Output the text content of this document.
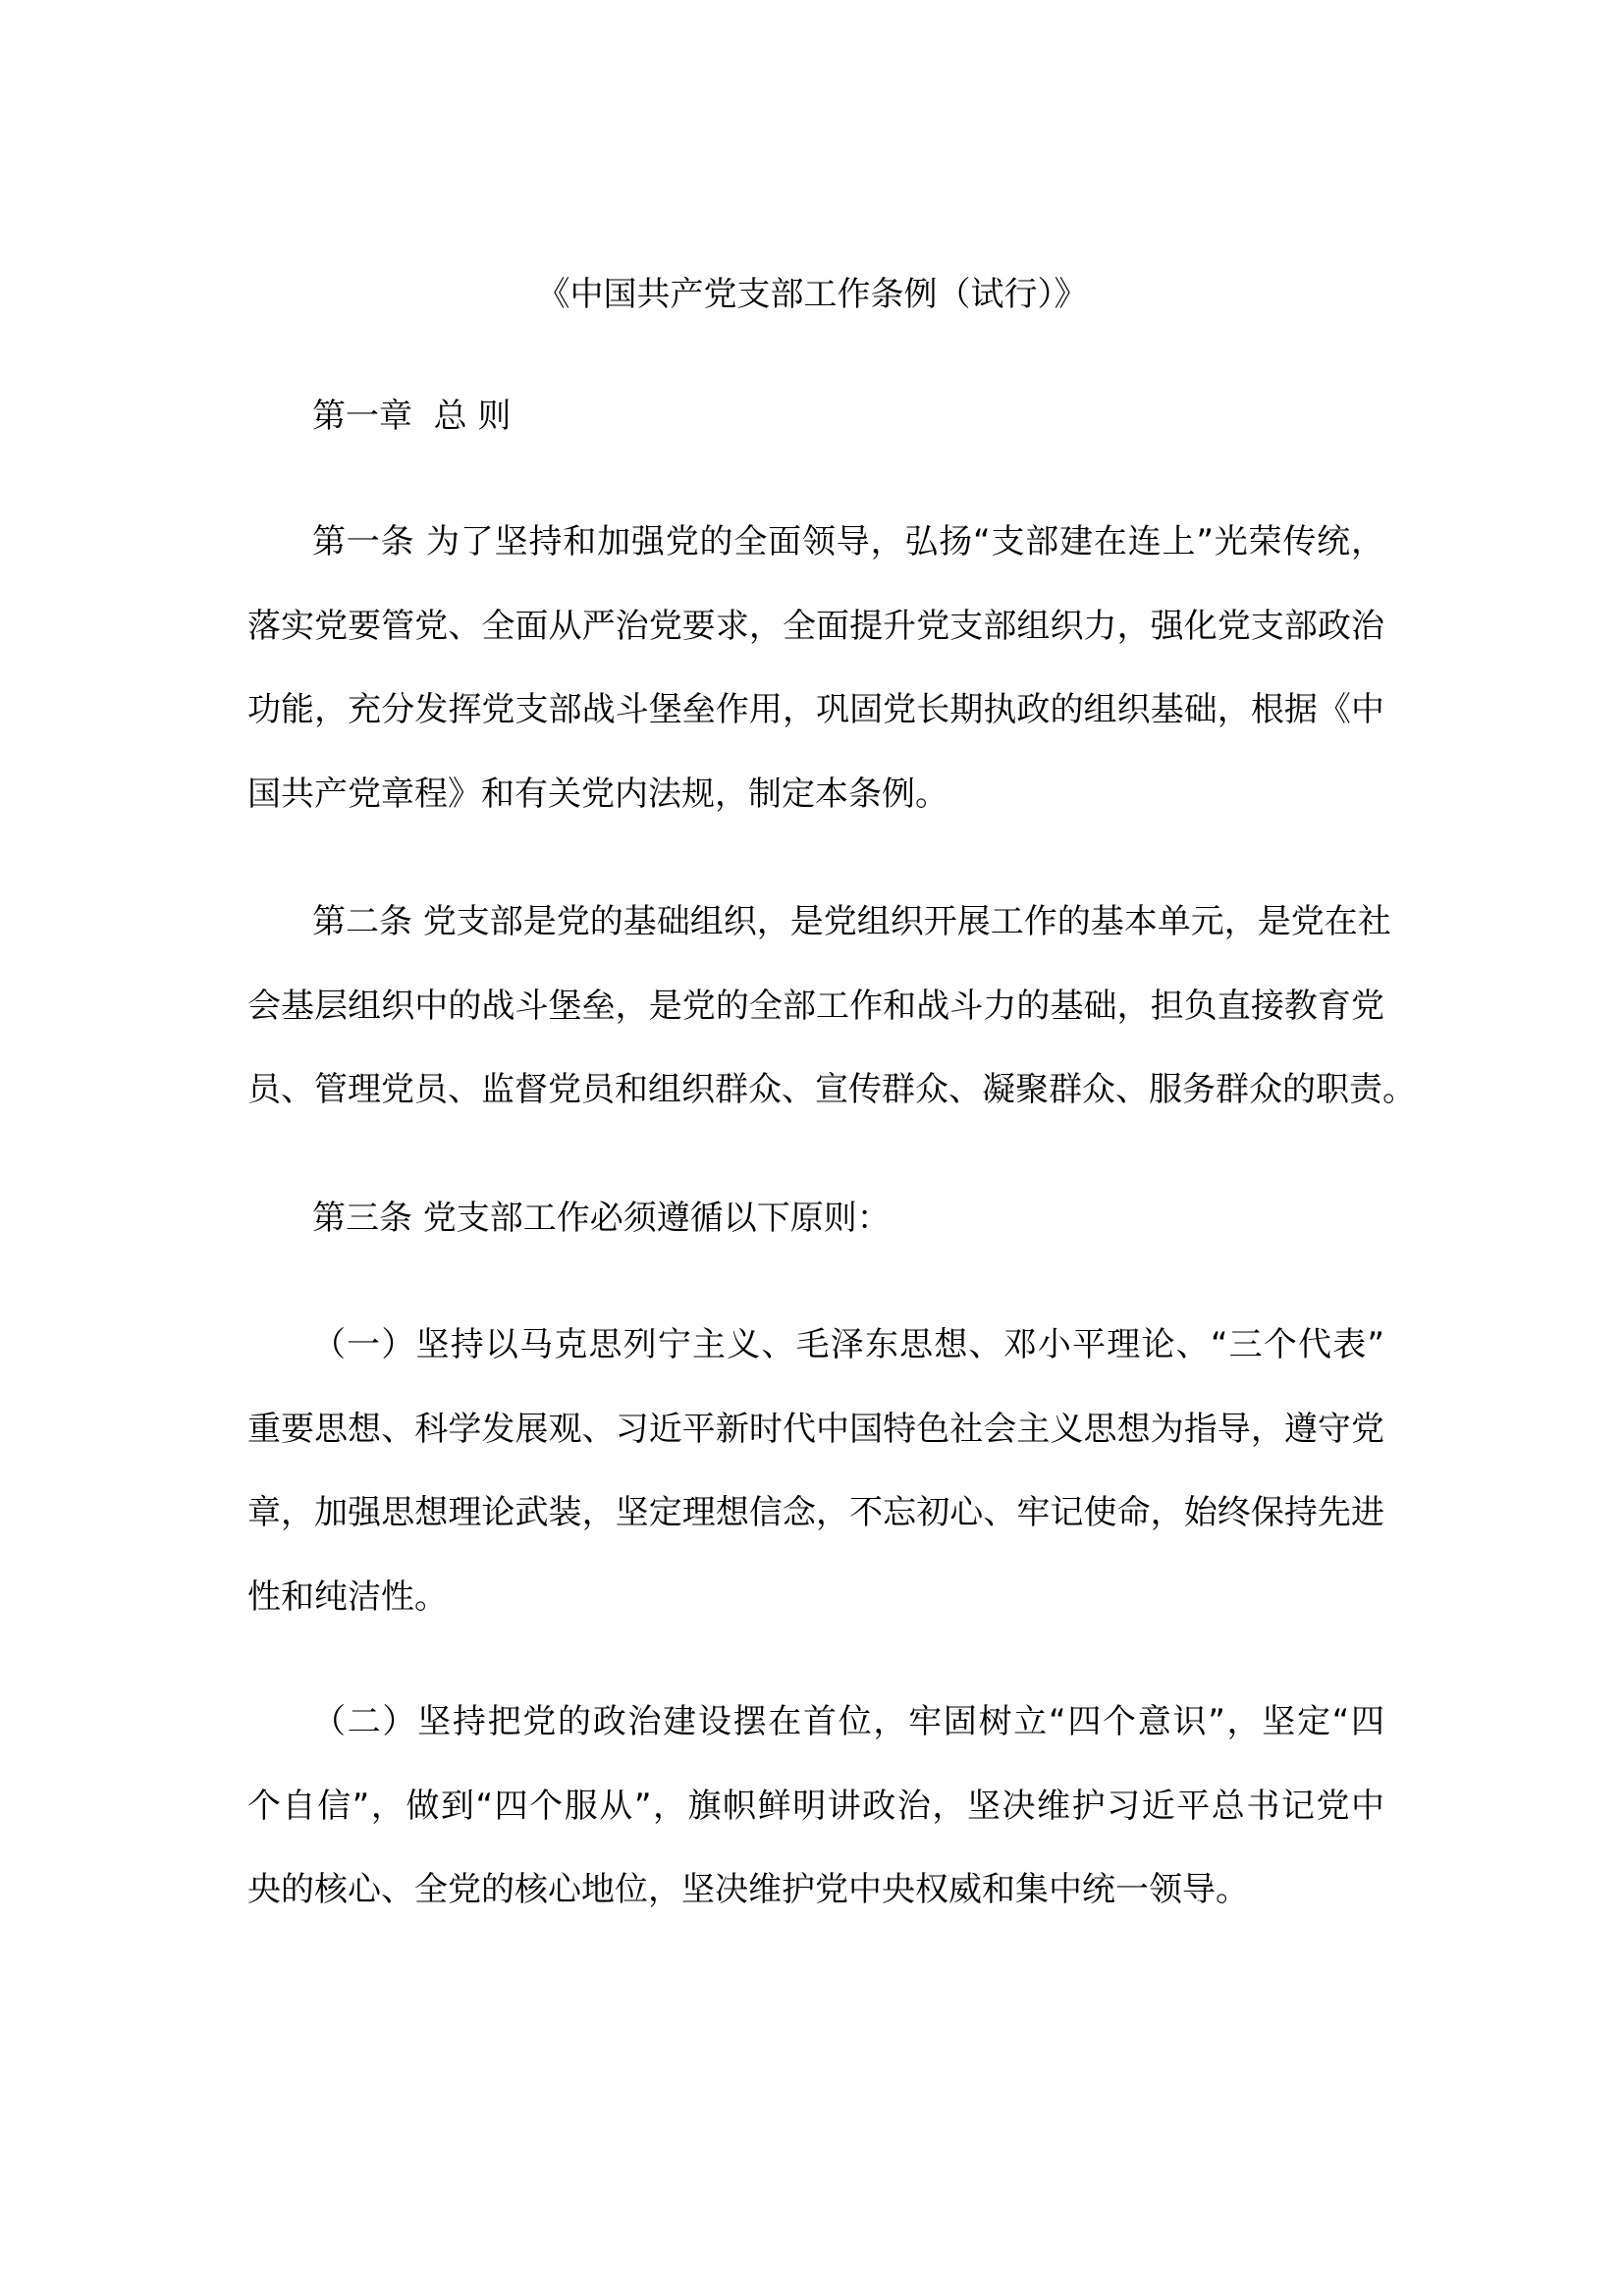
《中国共产党支部工作条例（试行）》
第一章  总 则
第一条 为了坚持和加强党的全面领导，弘扬“支部建在连上”光荣传统，
落实党要管党、全面从严治党要求，全面提升党支部组织力，强化党支部政治
功能，充分发挥党支部战斗堡垒作用，巩固党长期执政的组织基础，根据《中
国共产党章程》和有关党内法规，制定本条例。
第二条 党支部是党的基础组织，是党组织开展工作的基本单元，是党在社
会基层组织中的战斗堡垒，是党的全部工作和战斗力的基础，担负直接教育党
员、管理党员、监督党员和组织群众、宣传群众、凝聚群众、服务群众的职责。
第三条 党支部工作必须遵循以下原则：
（一）坚持以马克思列宁主义、毛泽东思想、邓小平理论、“三个代表”
重要思想、科学发展观、习近平新时代中国特色社会主义思想为指导，遵守党
章，加强思想理论武装，坚定理想信念，不忘初心、牢记使命，始终保持先进
性和纯洁性。
（二）坚持把党的政治建设摆在首位，牢固树立“四个意识”，坚定“四
个自信”，做到“四个服从”，旗帜鲜明讲政治，坚决维护习近平总书记党中
央的核心、全党的核心地位，坚决维护党中央权威和集中统一领导。
